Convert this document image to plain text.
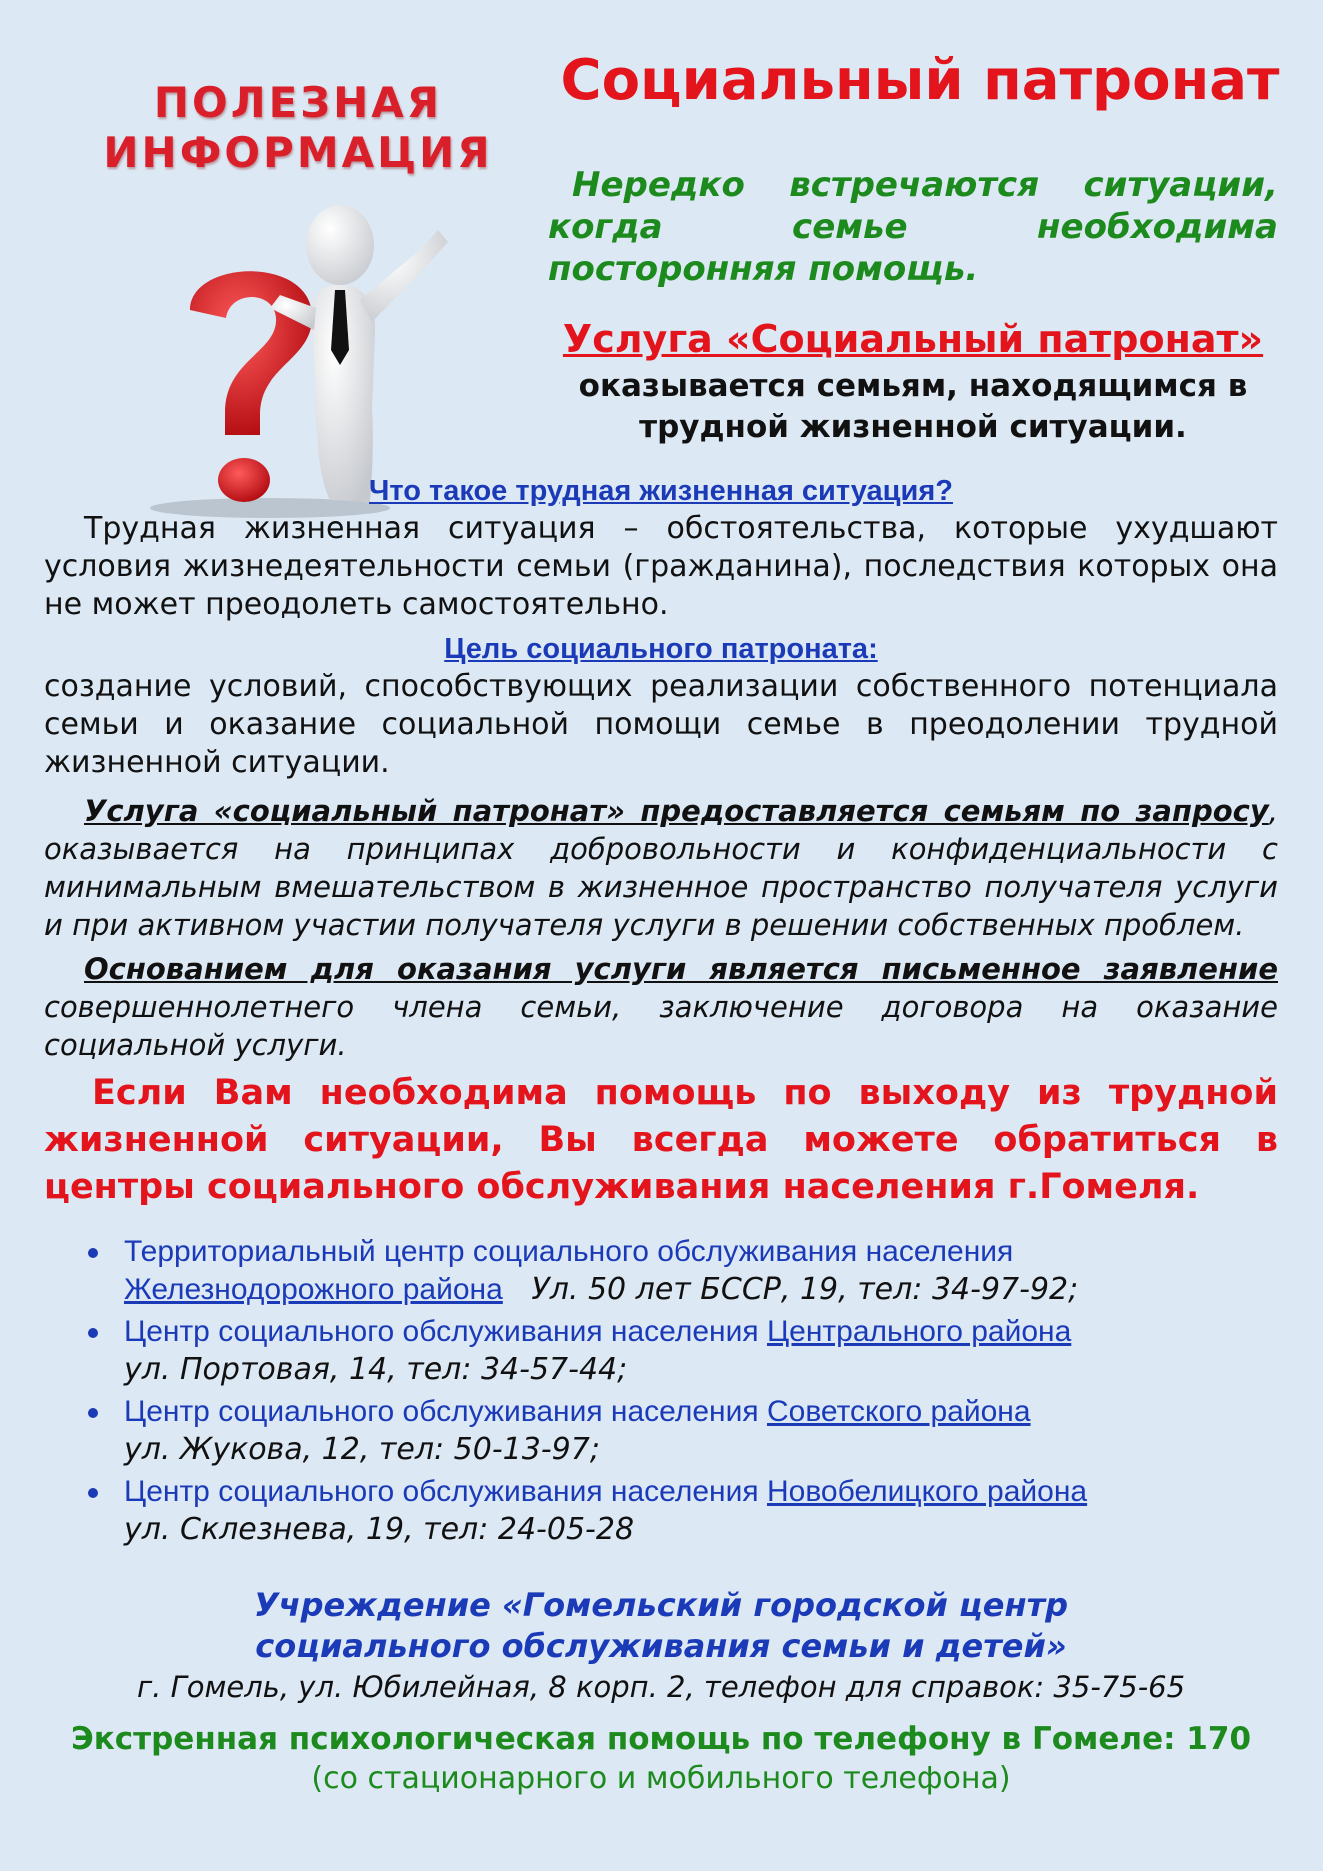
ПОЛЕЗНАЯ
ИНФОРМАЦИЯ
Социальный патронат
Нередко встречаются ситуации, когда семье необходима посторонняя помощь.
Услуга «Социальный патронат»
оказывается семьям, находящимся в трудной жизненной ситуации.
Что такое трудная жизненная ситуация?
Трудная жизненная ситуация – обстоятельства, которые ухудшают условия жизнедеятельности семьи (гражданина), последствия которых она не может преодолеть самостоятельно.
Цель социального патроната:
создание условий, способствующих реализации собственного потенциала семьи и оказание социальной помощи семье в преодолении трудной жизненной ситуации.
Услуга «социальный патронат» предоставляется семьям по запросу, оказывается на принципах добровольности и конфиденциальности с минимальным вмешательством в жизненное пространство получателя услуги и при активном участии получателя услуги в решении собственных проблем.
Основанием для оказания услуги является письменное заявление совершеннолетнего члена семьи, заключение договора на оказание социальной услуги.
Если Вам необходима помощь по выходу из трудной жизненной ситуации, Вы всегда можете обратиться в центры социального обслуживания населения г.Гомеля.
Территориальный центр социального обслуживания населения
Железнодорожного района Ул. 50 лет БССР, 19, тел: 34-97-92;
Центр социального обслуживания населения Центрального района
ул. Портовая, 14, тел: 34-57-44;
Центр социального обслуживания населения Советского района
ул. Жукова, 12, тел: 50-13-97;
Центр социального обслуживания населения Новобелицкого района
ул. Склезнева, 19, тел: 24-05-28
Учреждение «Гомельский городской центр
социального обслуживания семьи и детей»
г. Гомель, ул. Юбилейная, 8 корп. 2, телефон для справок: 35-75-65
Экстренная психологическая помощь по телефону в Гомеле: 170
(со стационарного и мобильного телефона)
